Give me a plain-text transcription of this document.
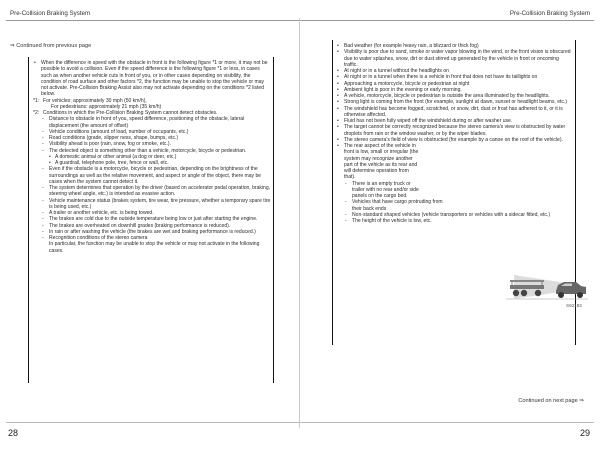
Pre-Collision Braking System
⇒ Continued from previous page
• When the difference in speed with the obstacle in front is the following figure *1 or more, it may not be possible to avoid a collision. Even if the speed difference is the following figure *1 or less, in cases such as when another vehicle cuts in front of you, or in other cases depending on visibility, the condition of road surface and other factors *2, the function may be unable to stop the vehicle or may not activate. Pre-Collision Braking Assist also may not activate depending on the conditions *2 listed below.
*1: For vehicles; approximately 30 mph (50 km/h),
For pedestrians: approximately 21 mph (35 km/h)
*2: Conditions in which the Pre-Collision Braking System cannot detect obstacles.
- Distance to obstacle in front of you, speed difference, positioning of the obstacle, lateral displacement (the amount of offset)
- Vehicle conditions (amount of load, number of occupants, etc.)
- Road conditions (grade, slipper ness, shape, bumps, etc.)
- Visibility ahead is poor (rain, snow, fog or smoke, etc.).
- The detected object is something other than a vehicle, motorcycle, bicycle or pedestrian.
• A domestic animal or other animal (a dog or deer, etc.)
• A guardrail, telephone pole, tree, fence or wall, etc.
- Even if the obstacle is a motorcycle, bicycle or pedestrian, depending on the brightness of the surroundings as well as the relative movement, and aspect or angle of the object, there may be cases when the system cannot detect it.
- The system determines that operation by the driver (based on accelerator pedal operation, braking, steering wheel angle, etc.) is intended as evasive action.
- Vehicle maintenance status (brakes system, tire wear, tire pressure, whether a temporary spare tire is being used, etc.)
- A trailer or another vehicle, etc. is being towed.
- The brakes are cold due to the outside temperature being low or just after starting the engine.
- The brakes are overheated on downhill grades (braking performance is reduced).
- In rain or after washing the vehicle (the brakes are wet and braking performance is reduced.)
- Recognition conditions of the stereo camera
In particular, the function may be unable to stop the vehicle or may not activate in the following cases.
28
Pre-Collision Braking System
• Bad weather (for example heavy rain, a blizzard or thick fog)
• Visibility is poor due to sand, smoke or water vapor blowing in the wind, or the front vision is obscured due to water splashes, snow, dirt or dust stirred up generated by the vehicle in front or oncoming traffic.
• At night or in a tunnel without the headlights on
• At night or in a tunnel when there is a vehicle in front that does not have its taillights on
• Approaching a motorcycle, bicycle or pedestrian at night
• Ambient light is poor in the evening or early morning.
• A vehicle, motorcycle, bicycle or pedestrian is outside the area illuminated by the headlights.
• Strong light is coming from the front (for example, sunlight at dawn, sunset or headlight beams, etc.)
• The windshield has become fogged, scratched, or snow, dirt, dust or frost has adhered to it, or it is otherwise affected.
• Fluid has not been fully wiped off the windshield during or after washer use.
• The target cannot be correctly recognized because the stereo camera's view is obstructed by water droplets from rain or the window washer, or by the wiper blades.
• The stereo camera's field of view is obstructed (for example by a canoe on the roof of the vehicle).
• The rear aspect of the vehicle in front is low, small or irregular (the system may recognize another part of the vehicle as its rear and will determine operation from that).
- There is an empty truck or trailer with no rear and/or side panels on the cargo bed.
- Vehicles that have cargo protruding from their back ends
- Non-standard shaped vehicles (vehicle transporters or vehicles with a sidecar fitted, etc.)
- The height of the vehicle is low, etc.
S62183
Continued on next page ⇒
29
